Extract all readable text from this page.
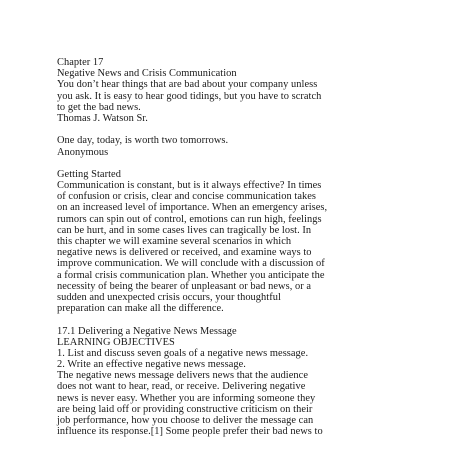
Chapter 17
Negative News and Crisis Communication
You don’t hear things that are bad about your company unless
you ask. It is easy to hear good tidings, but you have to scratch
to get the bad news.
Thomas J. Watson Sr.
One day, today, is worth two tomorrows.
Anonymous
Getting Started
Communication is constant, but is it always effective? In times
of confusion or crisis, clear and concise communication takes
on an increased level of importance. When an emergency arises,
rumors can spin out of control, emotions can run high, feelings
can be hurt, and in some cases lives can tragically be lost. In
this chapter we will examine several scenarios in which
negative news is delivered or received, and examine ways to
improve communication. We will conclude with a discussion of
a formal crisis communication plan. Whether you anticipate the
necessity of being the bearer of unpleasant or bad news, or a
sudden and unexpected crisis occurs, your thoughtful
preparation can make all the difference.
17.1 Delivering a Negative News Message
LEARNING OBJECTIVES
1. List and discuss seven goals of a negative news message.
2. Write an effective negative news message.
The negative news message delivers news that the audience
does not want to hear, read, or receive. Delivering negative
news is never easy. Whether you are informing someone they
are being laid off or providing constructive criticism on their
job performance, how you choose to deliver the message can
influence its response.[1] Some people prefer their bad news to
